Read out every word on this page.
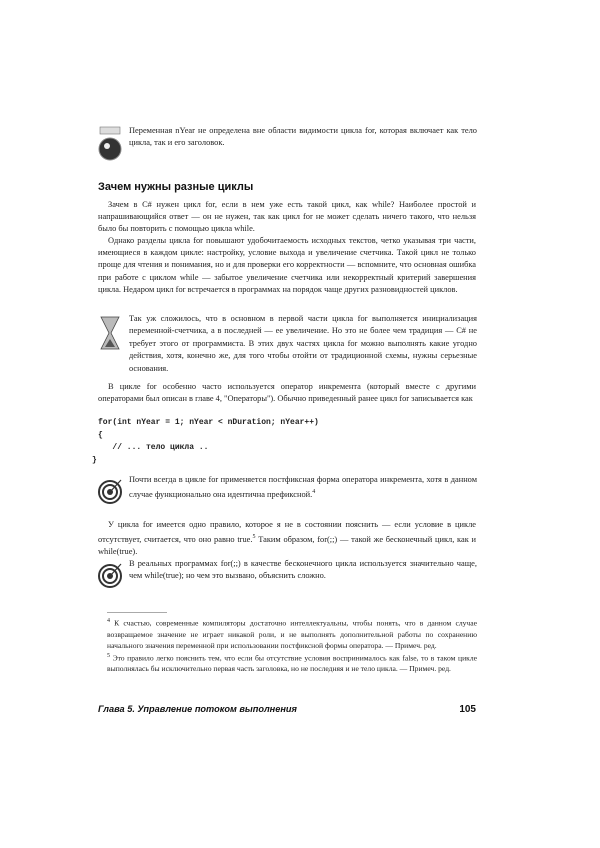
Переменная nYear не определена вне области видимости цикла for, которая включает как тело цикла, так и его заголовок.
Зачем нужны разные циклы

Зачем в C# нужен цикл for, если в нем уже есть такой цикл, как while? Наиболее простой и напрашивающийся ответ — он не нужен, так как цикл for не может сделать ничего такого, что нельзя было бы повторить с помощью цикла while.

Однако разделы цикла for повышают удобочитаемость исходных текстов, четко указывая три части, имеющиеся в каждом цикле: настройку, условие выхода и увеличение счетчика. Такой цикл не только проще для чтения и понимания, но и для проверки его корректности — вспомните, что основная ошибка при работе с циклом while — забытое увеличение счетчика или некорректный критерий завершения цикла. Недаром цикл for встречается в программах на порядок чаще других разновидностей циклов.

Так уж сложилось, что в основном в первой части цикла for выполняется инициализация переменной-счетчика, а в последней — ее увеличение. Но это не более чем традиция — C# не требует этого от программиста. В этих двух частях цикла for можно выполнять какие угодно действия, хотя, конечно же, для того чтобы отойти от традиционной схемы, нужны серьезные основания.

В цикле for особенно часто используется оператор инкремента (который вместе с другими операторами был описан в главе 4, "Операторы"). Обычно приведенный ранее цикл for записывается как

for(int nYear = 1; nYear < nDuration; nYear++)
{
// ... тело цикла ..
}
Почти всегда в цикле for применяется постфиксная форма оператора инкремента, хотя в данном случае функционально она идентична префиксной.$^4$

У цикла for имеется одно правило, которое я не в состоянии пояснить — если условие в цикле отсутствует, считается, что оно равно true.$^5$ Таким образом, for(;;) — такой же бесконечный цикл, как и while(true).

В реальных программах for(;;) в качестве бесконечного цикла используется значительно чаще, чем while(true); но чем это вызвано, объяснить сложно.

$^4$ К счастью, современные компиляторы достаточно интеллектуальны, чтобы понять, что в данном случае возвращаемое значение не играет никакой роли, и не выполнять дополнительной работы по сохранению начального значения переменной при использовании постфиксной формы оператора. — Примеч. ред.

$^5$ Это правило легко пояснить тем, что если бы отсутствие условия воспринималось как false, то в таком цикле выполнялась бы исключительно первая часть заголовка, но не последняя и не тело цикла. — Примеч. ред.

Глава 5. Управление потоком выполнения	105
